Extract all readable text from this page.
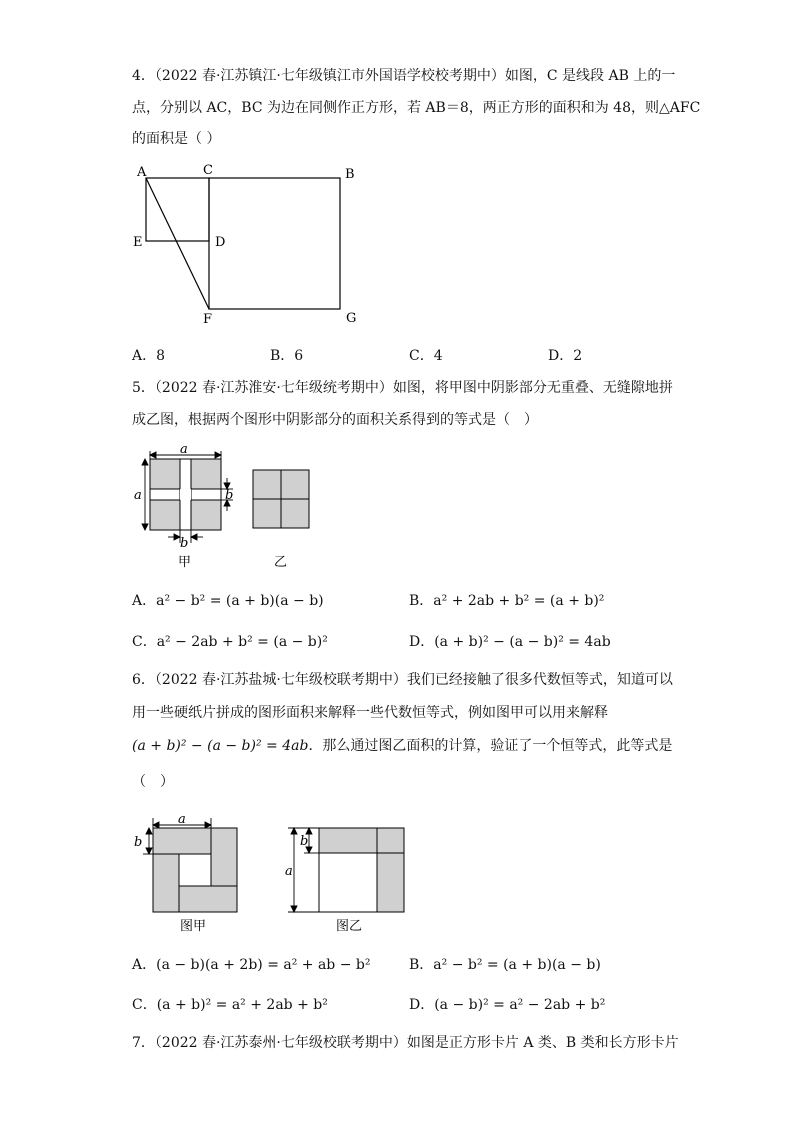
4．（2022 春·江苏镇江·七年级镇江市外国语学校校考期中）如图，C 是线段 AB 上的一
点，分别以 AC，BC 为边在同侧作正方形，若 AB＝8，两正方形的面积和为 48，则△AFC
的面积是（ ）
A	C	B
E	D
F	G
A．8	B．6	C．4	D．2
5．（2022 春·江苏淮安·七年级统考期中）如图，将甲图中阴影部分无重叠、无缝隙地拼
成乙图，根据两个图形中阴影部分的面积关系得到的等式是（　）
a
a	b
b
甲	乙
A．a² − b² = (a + b)(a − b)	B．a² + 2ab + b² = (a + b)²
C．a² − 2ab + b² = (a − b)²	D．(a + b)² − (a − b)² = 4ab
6．（2022 春·江苏盐城·七年级校联考期中）我们已经接触了很多代数恒等式，知道可以
用一些硬纸片拼成的图形面积来解释一些代数恒等式，例如图甲可以用来解释
(a + b)² − (a − b)² = 4ab．那么通过图乙面积的计算，验证了一个恒等式，此等式是
（　）
a
b
图甲
b
a
图乙
A．(a − b)(a + 2b) = a² + ab − b²	B．a² − b² = (a + b)(a − b)
C．(a + b)² = a² + 2ab + b²	D．(a − b)² = a² − 2ab + b²
7．（2022 春·江苏泰州·七年级校联考期中）如图是正方形卡片 A 类、B 类和长方形卡片
